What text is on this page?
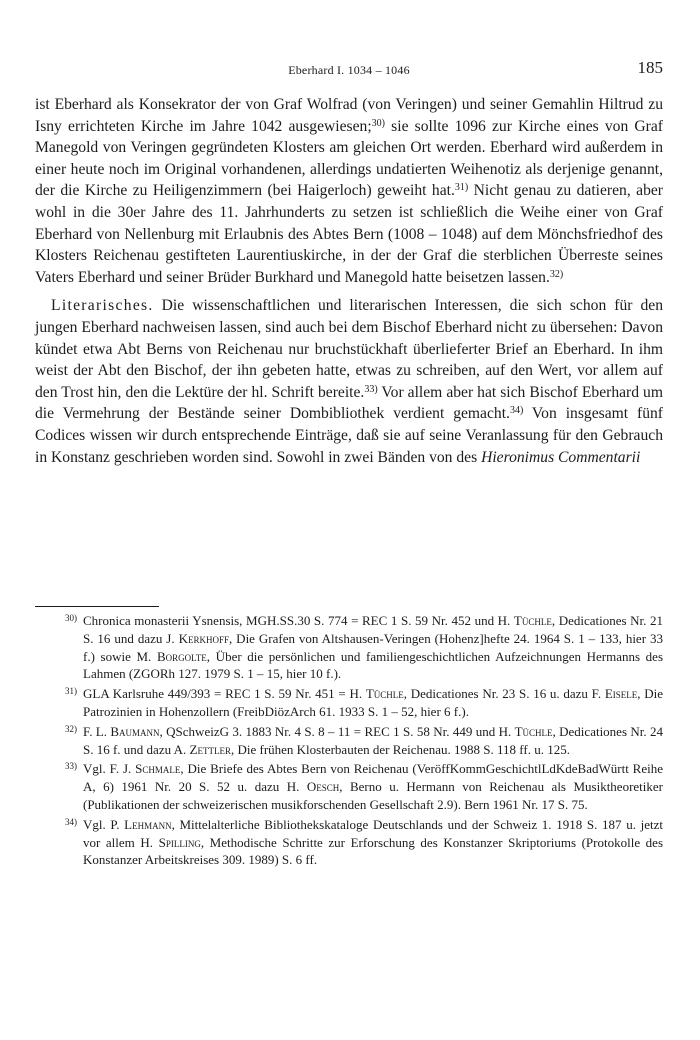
Eberhard I. 1034 – 1046	185

ist Eberhard als Konsekrator der von Graf Wolfrad (von Veringen) und seiner Gemahlin Hiltrud zu Isny errichteten Kirche im Jahre 1042 ausgewiesen;$^{30)}$ sie sollte 1096 zur Kirche eines von Graf Manegold von Veringen gegründeten Klosters am gleichen Ort werden. Eberhard wird außerdem in einer heute noch im Original vorhandenen, allerdings undatierten Weihenotiz als derjenige genannt, der die Kirche zu Heiligenzimmern (bei Haigerloch) geweiht hat.$^{31)}$ Nicht genau zu datieren, aber wohl in die 30er Jahre des 11. Jahrhunderts zu setzen ist schließlich die Weihe einer von Graf Eberhard von Nellenburg mit Erlaubnis des Abtes Bern (1008 – 1048) auf dem Mönchsfriedhof des Klosters Reichenau gestifteten Laurentiuskirche, in der der Graf die sterblichen Überreste seines Vaters Eberhard und seiner Brüder Burkhard und Manegold hatte beisetzen lassen.$^{32)}$

Literarisches. Die wissenschaftlichen und literarischen Interessen, die sich schon für den jungen Eberhard nachweisen lassen, sind auch bei dem Bischof Eberhard nicht zu übersehen: Davon kündet etwa Abt Berns von Reichenau nur bruchstückhaft überlieferter Brief an Eberhard. In ihm weist der Abt den Bischof, der ihn gebeten hatte, etwas zu schreiben, auf den Wert, vor allem auf den Trost hin, den die Lektüre der hl. Schrift bereite.$^{33)}$ Vor allem aber hat sich Bischof Eberhard um die Vermehrung der Bestände seiner Dombibliothek verdient gemacht.$^{34)}$ Von insgesamt fünf Codices wissen wir durch entsprechende Einträge, daß sie auf seine Veranlassung für den Gebrauch in Konstanz geschrieben worden sind. Sowohl in zwei Bänden von des Hieronimus Commentarii

$^{30)}$ Chronica monasterii Ysnensis, MGH.SS.30 S. 774 = REC 1 S. 59 Nr. 452 und H. Tüchle, Dedicationes Nr. 21 S. 16 und dazu J. Kerkhoff, Die Grafen von Altshausen-Veringen (Hohenz]hefte 24. 1964 S. 1 – 133, hier 33 f.) sowie M. Borgolte, Über die persönlichen und familiengeschichtlichen Aufzeichnungen Hermanns des Lahmen (ZGORh 127. 1979 S. 1 – 15, hier 10 f.).
$^{31)}$ GLA Karlsruhe 449/393 = REC 1 S. 59 Nr. 451 = H. Tüchle, Dedicationes Nr. 23 S. 16 u. dazu F. Eisele, Die Patrozinien in Hohenzollern (FreibDiözArch 61. 1933 S. 1 – 52, hier 6 f.).
$^{32)}$ F. L. Baumann, QSchweizG 3. 1883 Nr. 4 S. 8 – 11 = REC 1 S. 58 Nr. 449 und H. Tüchle, Dedicationes Nr. 24 S. 16 f. und dazu A. Zettler, Die frühen Klosterbauten der Reichenau. 1988 S. 118 ff. u. 125.
$^{33)}$ Vgl. F. J. Schmale, Die Briefe des Abtes Bern von Reichenau (VeröffKommGeschichtlLdKdeBadWürtt Reihe A, 6) 1961 Nr. 20 S. 52 u. dazu H. Oesch, Berno u. Hermann von Reichenau als Musiktheoretiker (Publikationen der schweizerischen musikforschenden Gesellschaft 2.9). Bern 1961 Nr. 17 S. 75.
$^{34)}$ Vgl. P. Lehmann, Mittelalterliche Bibliothekskataloge Deutschlands und der Schweiz 1. 1918 S. 187 u. jetzt vor allem H. Spilling, Methodische Schritte zur Erforschung des Konstanzer Skriptoriums (Protokolle des Konstanzer Arbeitskreises 309. 1989) S. 6 ff.
